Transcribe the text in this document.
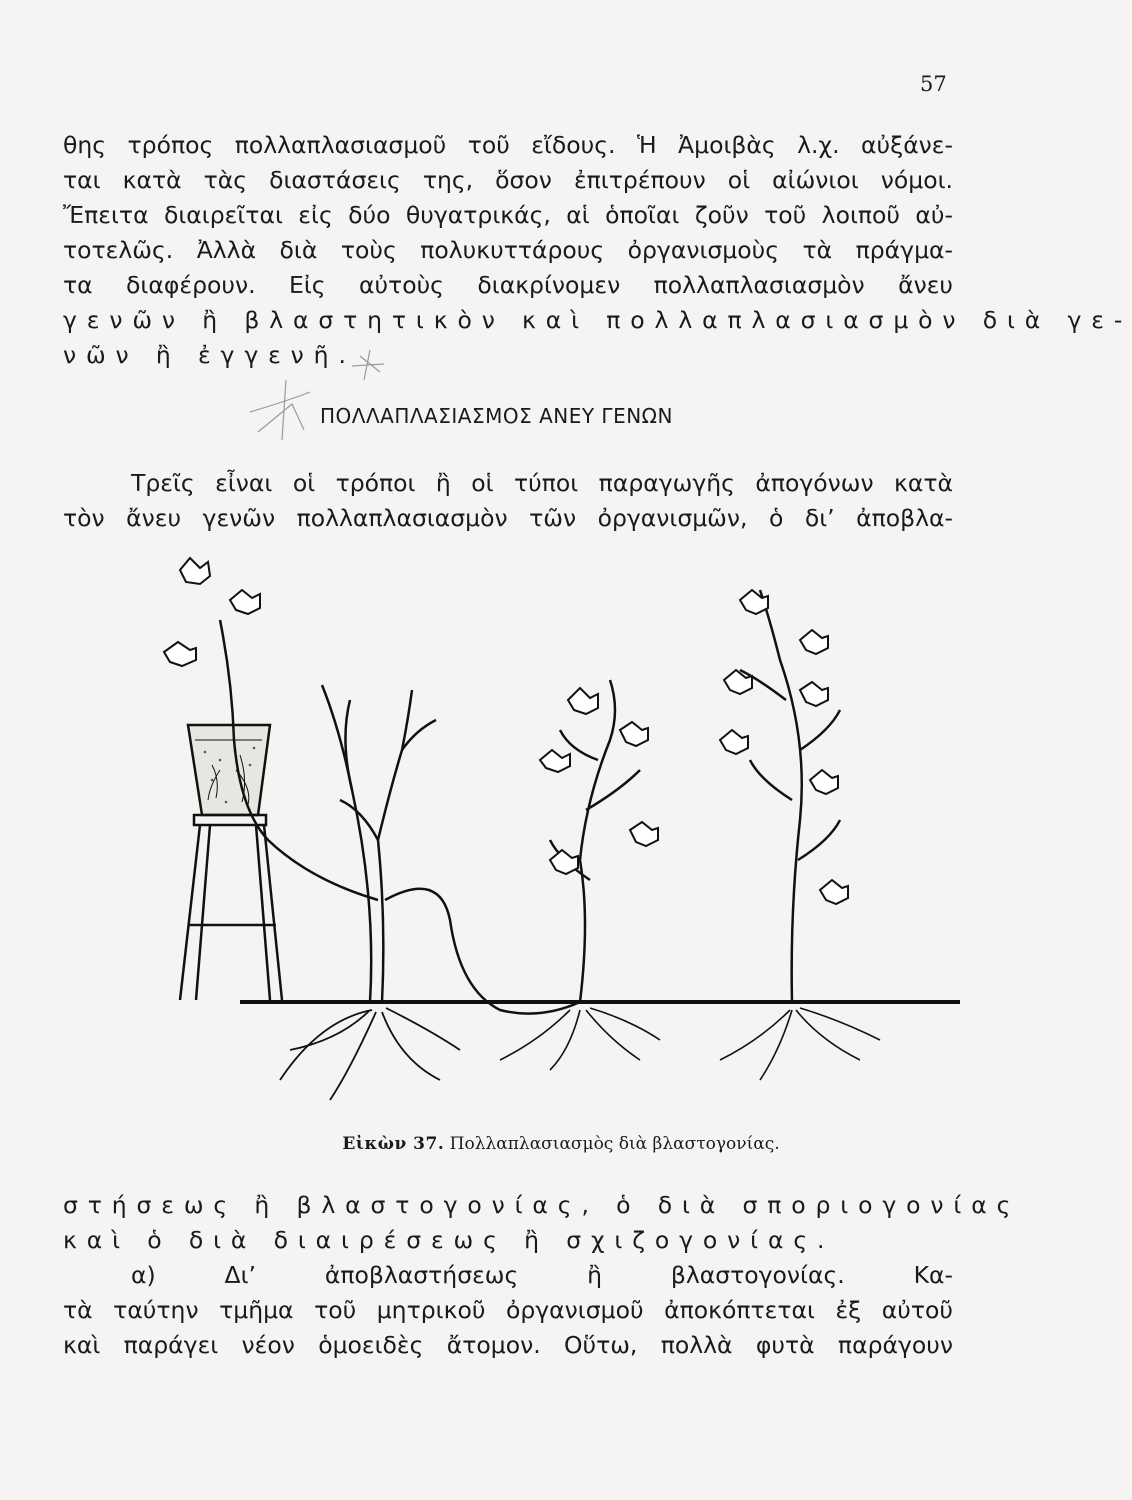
57
θης τρόπος πολλαπλασιασμοῦ τοῦ εἴδους. Ἡ Ἀμοιβὰς λ.χ. αὐξάνε-
ται κατὰ τὰς διαστάσεις της, ὅσον ἐπιτρέπουν οἱ αἰώνιοι νόμοι.
Ἔπειτα διαιρεῖται εἰς δύο θυγατρικάς, αἱ ὁποῖαι ζοῦν τοῦ λοιποῦ αὐ-
τοτελῶς. Ἀλλὰ διὰ τοὺς πολυκυττάρους ὀργανισμοὺς τὰ πράγμα-
τα διαφέρουν. Εἰς αὐτοὺς διακρίνομεν πολλαπλασιασμὸν ἄνευ
γενῶν ἢ βλαστητικὸν καὶ πολλαπλασιασμὸν διὰ γε-
νῶν ἢ ἐγγενῆ.
ΠΟΛΛΑΠΛΑΣΙΑΣΜΟΣ ΑΝΕΥ ΓΕΝΩΝ
Τρεῖς εἶναι οἱ τρόποι ἢ οἱ τύποι παραγωγῆς ἀπογόνων κατὰ
τὸν ἄνευ γενῶν πολλαπλασιασμὸν τῶν ὀργανισμῶν, ὁ δι’ ἀποβλα-
Εἰκὼν 37. Πολλαπλασιασμὸς διὰ βλαστογονίας.
στήσεως ἢ βλαστογονίας, ὁ διὰ σποριογονίας
καὶ ὁ διὰ διαιρέσεως ἢ σχιζογονίας.
α) Δι’ ἀποβλαστήσεως ἢ βλαστογονίας. Κα-
τὰ ταύτην τμῆμα τοῦ μητρικοῦ ὀργανισμοῦ ἀποκόπτεται ἐξ αὐτοῦ
καὶ παράγει νέον ὁμοειδὲς ἄτομον. Οὕτω, πολλὰ φυτὰ παράγουν
